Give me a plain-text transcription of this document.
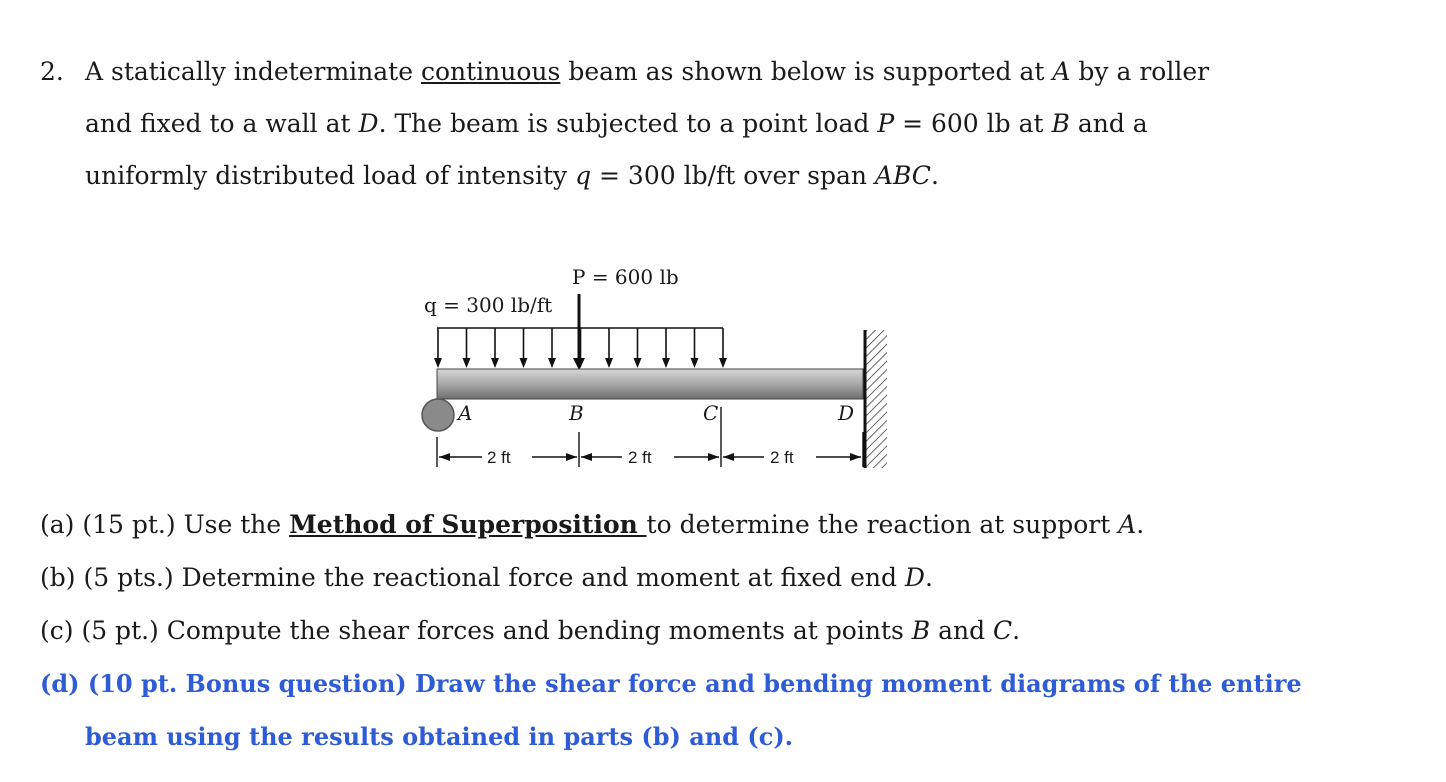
2. A statically indeterminate continuous beam as shown below is supported at A by a roller
and fixed to a wall at D. The beam is subjected to a point load P = 600 lb at B and a
uniformly distributed load of intensity q = 300 lb/ft over span ABC.
P = 600 lb
q = 300 lb/ft
A	B	C	D
2 ft	2 ft	2 ft
(a) (15 pt.) Use the Method of Superposition to determine the reaction at support A.
(b) (5 pts.) Determine the reactional force and moment at fixed end D.
(c) (5 pt.) Compute the shear forces and bending moments at points B and C.
(d) (10 pt. Bonus question) Draw the shear force and bending moment diagrams of the entire
beam using the results obtained in parts (b) and (c).
